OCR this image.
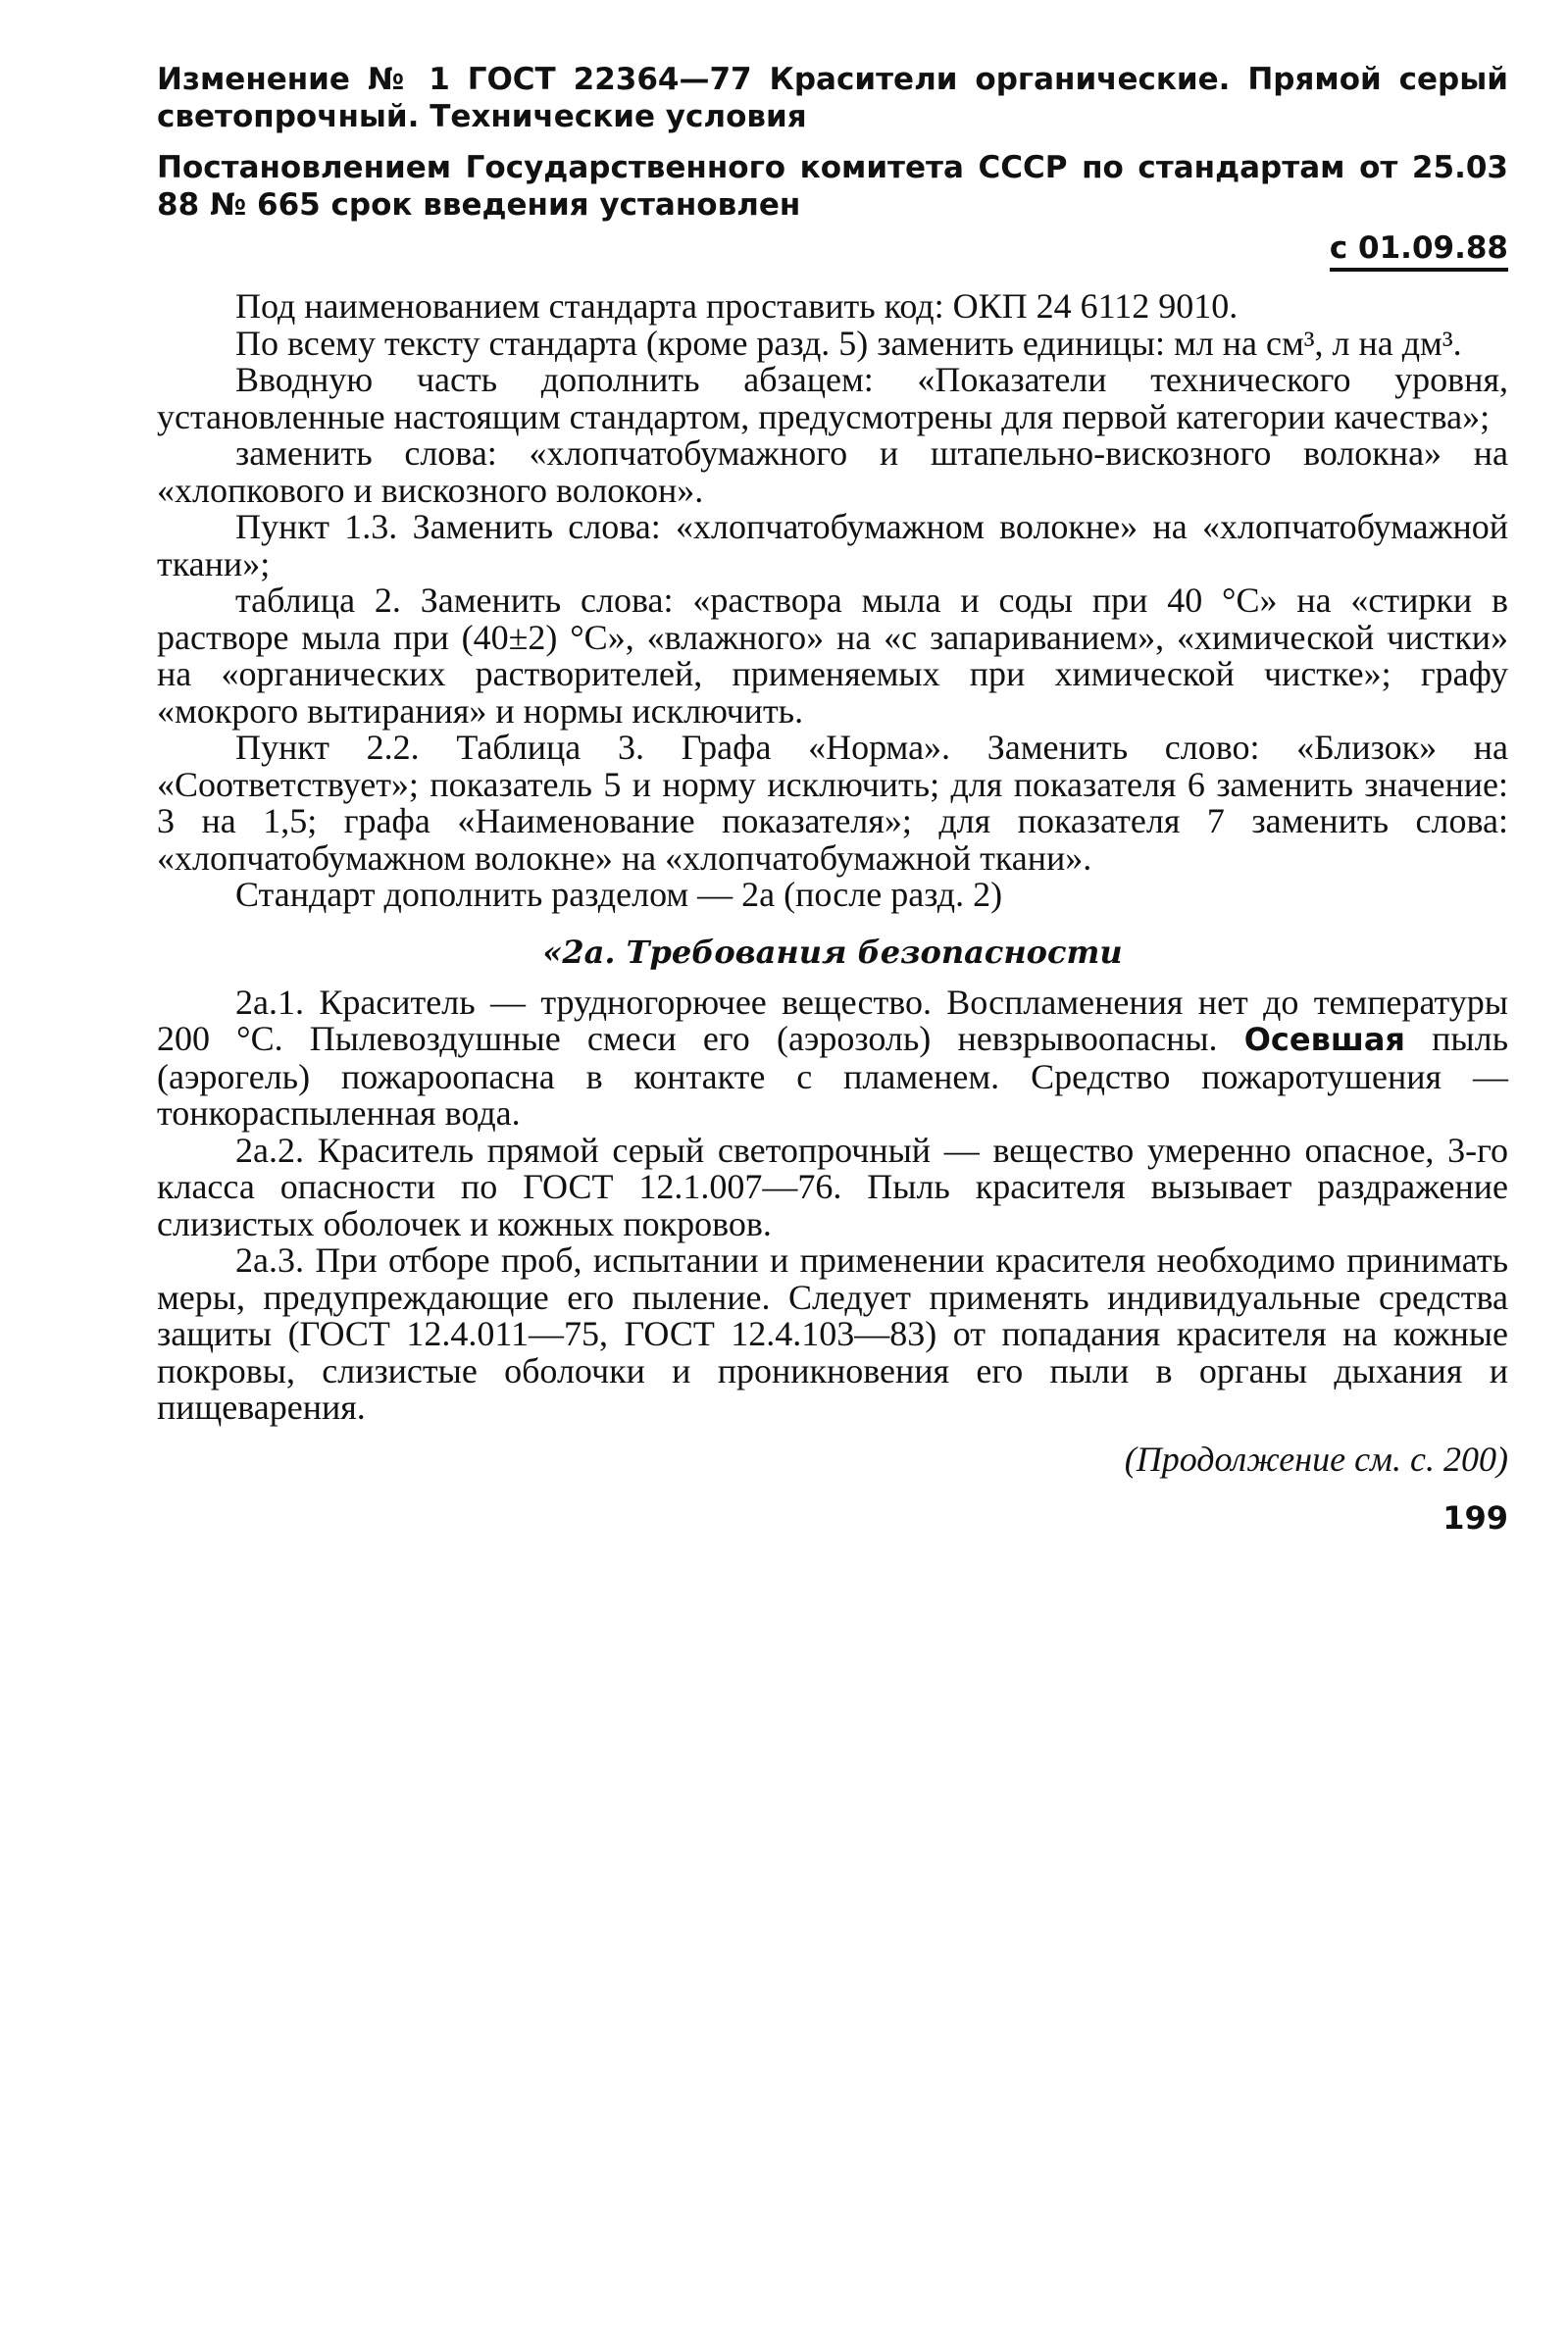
Изменение № 1 ГОСТ 22364—77 Красители органические. Прямой серый светопрочный. Технические условия

Постановлением Государственного комитета СССР по стандартам от 25.03 88 № 665 срок введения установлен

с 01.09.88

Под наименованием стандарта проставить код: ОКП 24 6112 9010.

По всему тексту стандарта (кроме разд. 5) заменить единицы: мл на см³, л на дм³.

Вводную часть дополнить абзацем: «Показатели технического уровня, установленные настоящим стандартом, предусмотрены для первой категории качества»;

заменить слова: «хлопчатобумажного и штапельно-вискозного волокна» на «хлопкового и вискозного волокон».

Пункт 1.3. Заменить слова: «хлопчатобумажном волокне» на «хлопчатобумажной ткани»;

таблица 2. Заменить слова: «раствора мыла и соды при 40 °С» на «стирки в растворе мыла при (40±2) °С», «влажного» на «с запариванием», «химической чистки» на «органических растворителей, применяемых при химической чистке»; графу «мокрого вытирания» и нормы исключить.

Пункт 2.2. Таблица 3. Графа «Норма». Заменить слово: «Близок» на «Соответствует»; показатель 5 и норму исключить; для показателя 6 заменить значение: 3 на 1,5; графа «Наименование показателя»; для показателя 7 заменить слова: «хлопчатобумажном волокне» на «хлопчатобумажной ткани».

Стандарт дополнить разделом — 2а (после разд. 2)

«2а. Требования безопасности

2а.1. Краситель — трудногорючее вещество. Воспламенения нет до температуры 200 °С. Пылевоздушные смеси его (аэрозоль) невзрывоопасны. Осевшая пыль (аэрогель) пожароопасна в контакте с пламенем. Средство пожаротушения — тонкораспыленная вода.

2а.2. Краситель прямой серый светопрочный — вещество умеренно опасное, 3-го класса опасности по ГОСТ 12.1.007—76. Пыль красителя вызывает раздражение слизистых оболочек и кожных покровов.

2а.3. При отборе проб, испытании и применении красителя необходимо принимать меры, предупреждающие его пыление. Следует применять индивидуальные средства защиты (ГОСТ 12.4.011—75, ГОСТ 12.4.103—83) от попадания красителя на кожные покровы, слизистые оболочки и проникновения его пыли в органы дыхания и пищеварения.

(Продолжение см. с. 200)

199
